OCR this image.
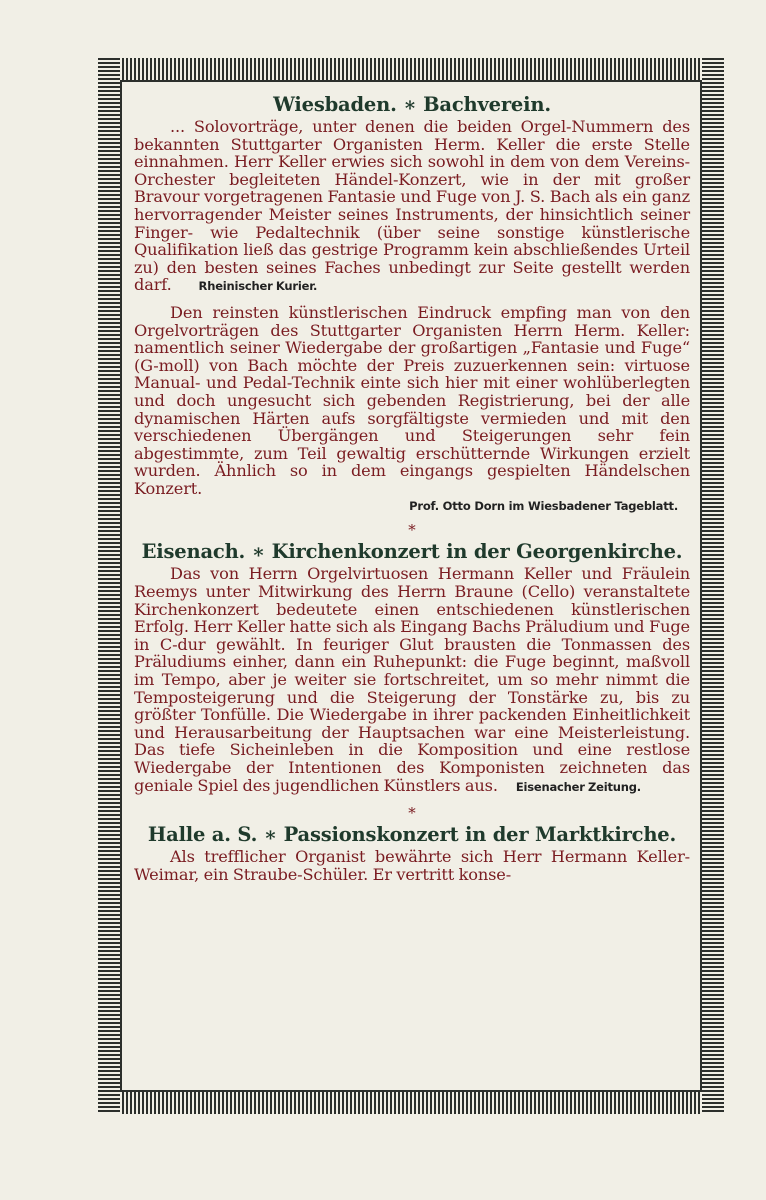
Wiesbaden. ∗ Bachverein.

... Solovorträge, unter denen die beiden Orgel-Nummern des bekannten Stuttgarter Organisten Herm. Keller die erste Stelle einnahmen. Herr Keller erwies sich sowohl in dem von dem Vereins-Orchester begleiteten Händel-Konzert, wie in der mit großer Bravour vorgetragenen Fantasie und Fuge von J. S. Bach als ein ganz hervorragender Meister seines Instruments, der hinsichtlich seiner Finger- wie Pedaltechnik (über seine sonstige künstlerische Qualifikation ließ das gestrige Programm kein abschließendes Urteil zu) den besten seines Faches unbedingt zur Seite gestellt werden darf. Rheinischer Kurier.

Den reinsten künstlerischen Eindruck empfing man von den Orgelvorträgen des Stuttgarter Organisten Herrn Herm. Keller: namentlich seiner Wiedergabe der großartigen „Fantasie und Fuge“ (G-moll) von Bach möchte der Preis zuzuerkennen sein: virtuose Manual- und Pedal-Technik einte sich hier mit einer wohlüberlegten und doch ungesucht sich gebenden Registrierung, bei der alle dynamischen Härten aufs sorgfältigste vermieden und mit den verschiedenen Übergängen und Steigerungen sehr fein abgestimmte, zum Teil gewaltig erschütternde Wirkungen erzielt wurden. Ähnlich so in dem eingangs gespielten Händelschen Konzert.

Prof. Otto Dorn im Wiesbadener Tageblatt.
∗
Eisenach. ∗ Kirchenkonzert in der Georgenkirche.

Das von Herrn Orgelvirtuosen Hermann Keller und Fräulein Reemys unter Mitwirkung des Herrn Braune (Cello) veranstaltete Kirchenkonzert bedeutete einen entschiedenen künstlerischen Erfolg. Herr Keller hatte sich als Eingang Bachs Präludium und Fuge in C-dur gewählt. In feuriger Glut brausten die Tonmassen des Präludiums einher, dann ein Ruhepunkt: die Fuge beginnt, maßvoll im Tempo, aber je weiter sie fortschreitet, um so mehr nimmt die Temposteigerung und die Steigerung der Tonstärke zu, bis zu größter Tonfülle. Die Wiedergabe in ihrer packenden Einheitlichkeit und Herausarbeitung der Hauptsachen war eine Meisterleistung. Das tiefe Sicheinleben in die Komposition und eine restlose Wiedergabe der Intentionen des Komponisten zeichneten das geniale Spiel des jugendlichen Künstlers aus. Eisenacher Zeitung.

∗
Halle a. S. ∗ Passionskonzert in der Marktkirche.

Als trefflicher Organist bewährte sich Herr Hermann Keller-Weimar, ein Straube-Schüler. Er vertritt konse-
